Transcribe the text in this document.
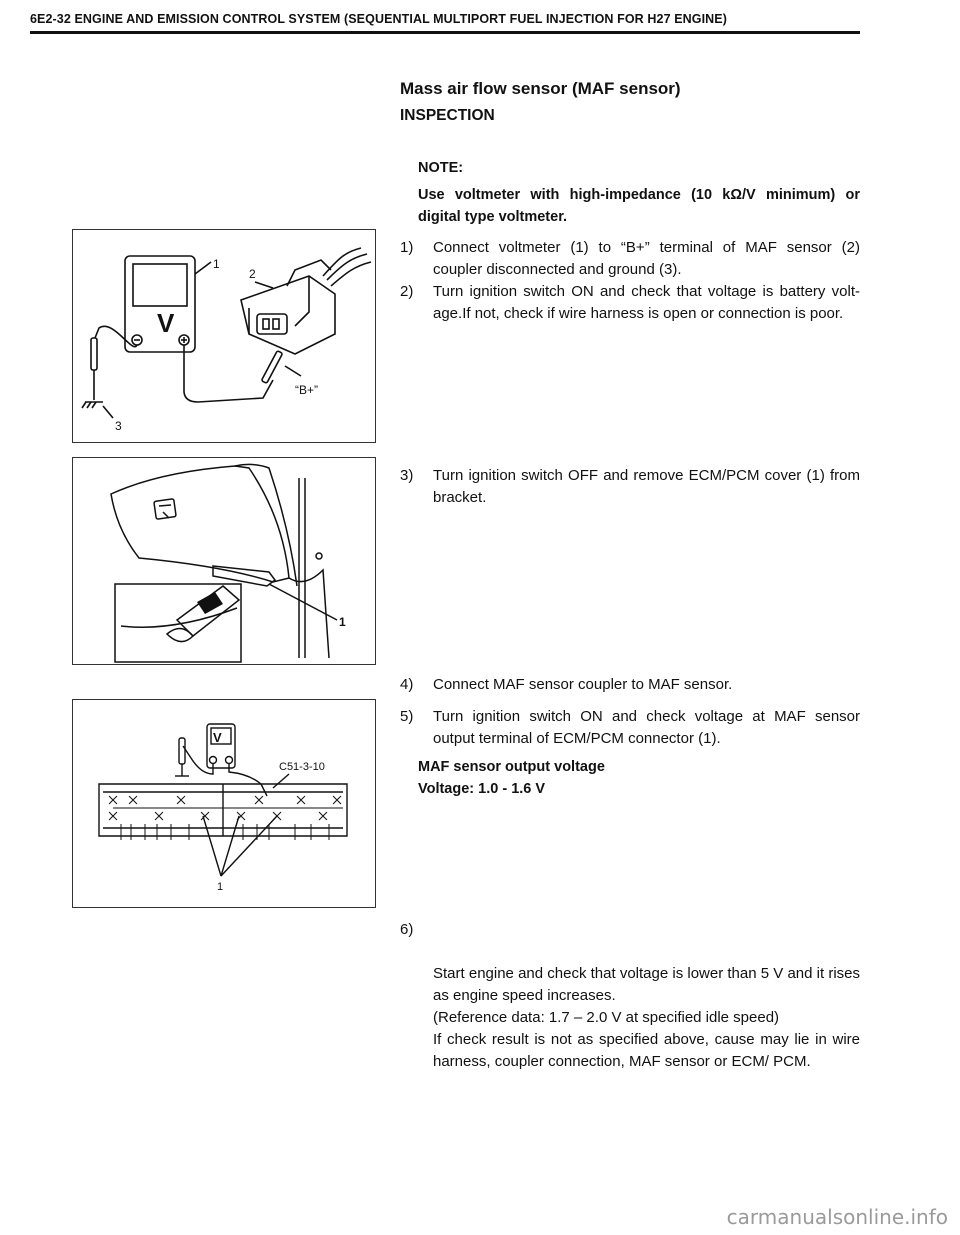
6E2-32 ENGINE AND EMISSION CONTROL SYSTEM (SEQUENTIAL MULTIPORT FUEL INJECTION FOR H27 ENGINE)
Mass air flow sensor (MAF sensor)
INSPECTION
NOTE:
Use voltmeter with high-impedance (10 kΩ/V minimum) or digital type voltmeter.
V
1
2
3
“B+”
1
V
C51-3-10
1
1)	Connect voltmeter (1) to “B+” terminal of MAF sensor (2) coupler disconnected and ground (3).
2)	Turn ignition switch ON and check that voltage is battery volt-age.If not, check if wire harness is open or connection is poor.
3)	Turn ignition switch OFF and remove ECM/PCM cover (1) from bracket.
4)	Connect MAF sensor coupler to MAF sensor.
5)	Turn ignition switch ON and check voltage at MAF sensor output terminal of ECM/PCM connector (1).
MAF sensor output voltage
Voltage: 1.0 - 1.6 V

6)

Start engine and check that voltage is lower than 5 V and it rises as engine speed increases.
(Reference data: 1.7 – 2.0 V at specified idle speed)
If check result is not as specified above, cause may lie in wire harness, coupler connection, MAF sensor or ECM/ PCM.

carmanualsonline.info
